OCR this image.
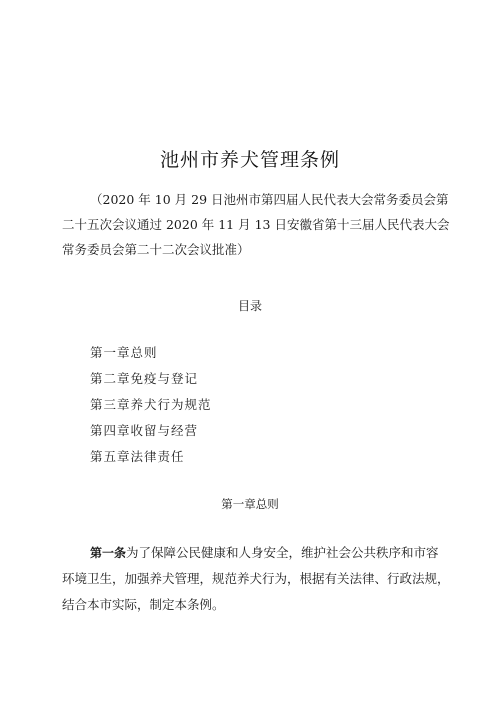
池州市养犬管理条例
（2020 年 10 月 29 日池州市第四届人民代表大会常务委员会第
二十五次会议通过 2020 年 11 月 13 日安徽省第十三届人民代表大会
常务委员会第二十二次会议批准）
目录
第一章总则
第二章免疫与登记
第三章养犬行为规范
第四章收留与经营
第五章法律责任
第一章总则
第一条为了保障公民健康和人身安全，维护社会公共秩序和市容
环境卫生，加强养犬管理，规范养犬行为，根据有关法律、行政法规，
结合本市实际，制定本条例。
